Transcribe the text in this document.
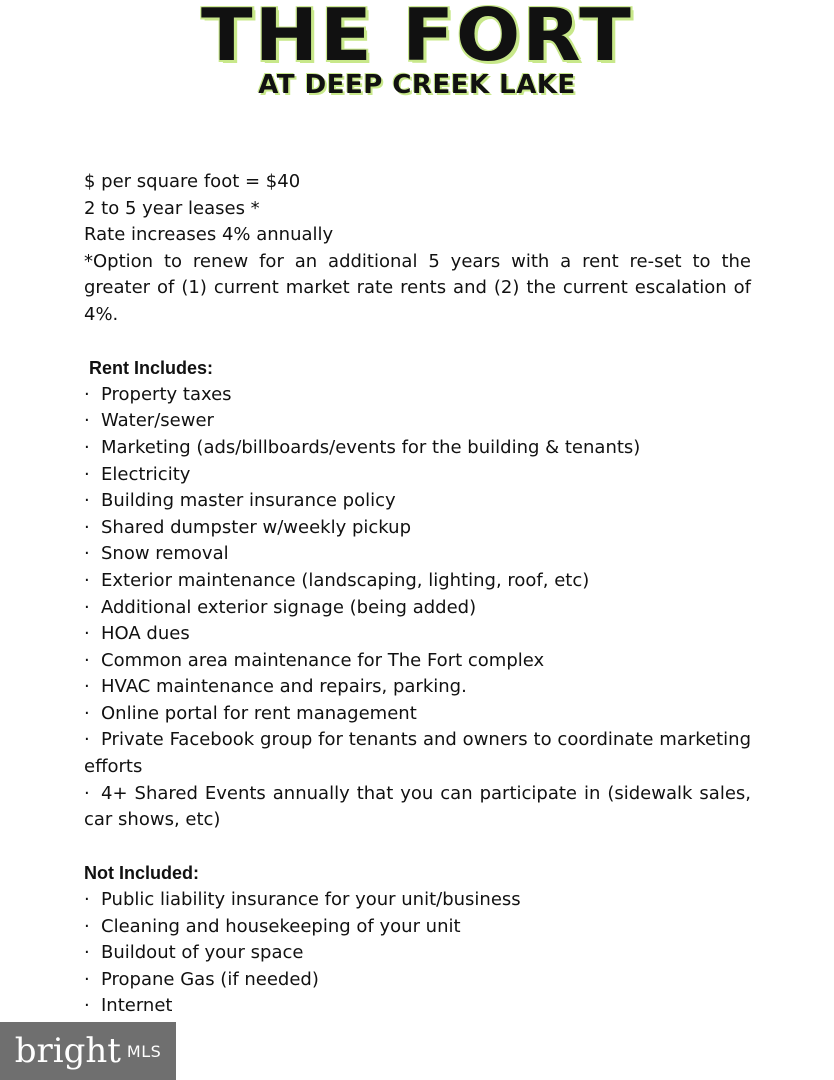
THE FORT
AT DEEP CREEK LAKE
$ per square foot = $40
2 to 5 year leases *
Rate increases 4% annually
*Option to renew for an additional 5 years with a rent re-set to the greater of (1) current market rate rents and (2) the current escalation of 4%.
Rent Includes:
· Property taxes
· Water/sewer
· Marketing (ads/billboards/events for the building & tenants)
· Electricity
· Building master insurance policy
· Shared dumpster w/weekly pickup
· Snow removal
· Exterior maintenance (landscaping, lighting, roof, etc)
· Additional exterior signage (being added)
· HOA dues
· Common area maintenance for The Fort complex
· HVAC maintenance and repairs, parking.
· Online portal for rent management
· Private Facebook group for tenants and owners to coordinate marketing efforts
· 4+ Shared Events annually that you can participate in (sidewalk sales, car shows, etc)
Not Included:
· Public liability insurance for your unit/business
· Cleaning and housekeeping of your unit
· Buildout of your space
· Propane Gas (if needed)
· Internet
bright MLS
